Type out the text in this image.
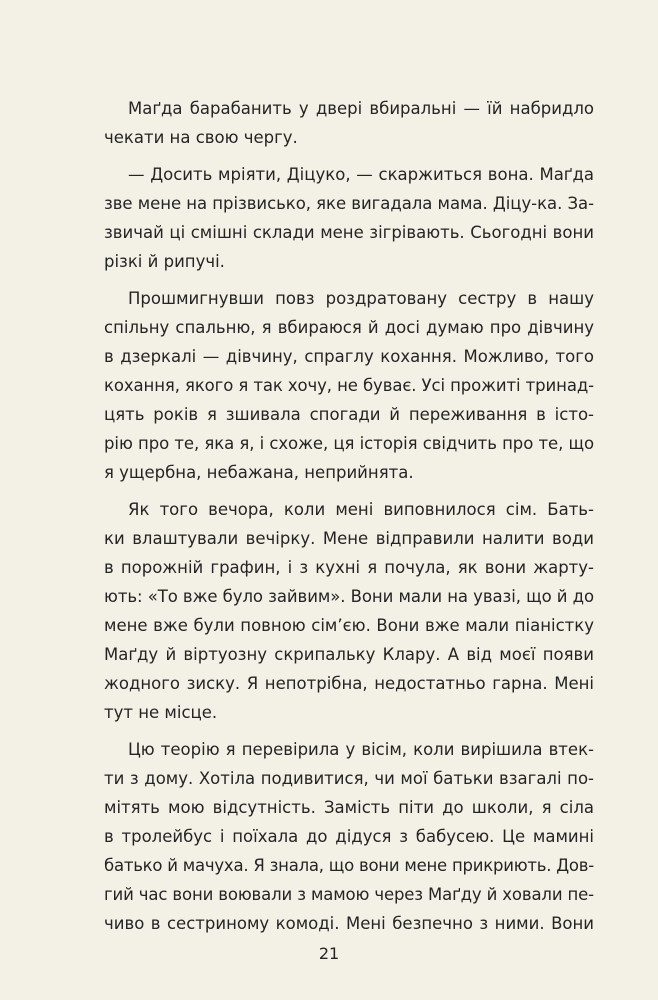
Маґда барабанить у двері вбиральні — їй набридло
чекати на свою чергу.
— Досить мріяти, Діцуко, — скаржиться вона. Маґда
зве мене на прізвисько, яке вигадала мама. Діцу-ка. За-
звичай ці смішні склади мене зігрівають. Сьогодні вони
різкі й рипучі.
Прошмигнувши повз роздратовану сестру в нашу
спільну спальню, я вбираюся й досі думаю про дівчину
в дзеркалі — дівчину, спраглу кохання. Можливо, того
кохання, якого я так хочу, не буває. Усі прожиті тринад-
цять років я зшивала спогади й переживання в істо-
рію про те, яка я, і схоже, ця історія свідчить про те, що
я ущербна, небажана, неприйнята.
Як того вечора, коли мені виповнилося сім. Бать-
ки влаштували вечірку. Мене відправили налити води
в порожній графин, і з кухні я почула, як вони жарту-
ють: «То вже було зайвим». Вони мали на увазі, що й до
мене вже були повною сім’єю. Вони вже мали піаністку
Маґду й віртуозну скрипальку Клару. А від моєї появи
жодного зиску. Я непотрібна, недостатньо гарна. Мені
тут не місце.
Цю теорію я перевірила у вісім, коли вирішила втек-
ти з дому. Хотіла подивитися, чи мої батьки взагалі по-
мітять мою відсутність. Замість піти до школи, я сіла
в тролейбус і поїхала до дідуся з бабусею. Це мамині
батько й мачуха. Я знала, що вони мене прикриють. Дов-
гий час вони воювали з мамою через Маґду й ховали пе-
чиво в сестриному комоді. Мені безпечно з ними. Вони
21
